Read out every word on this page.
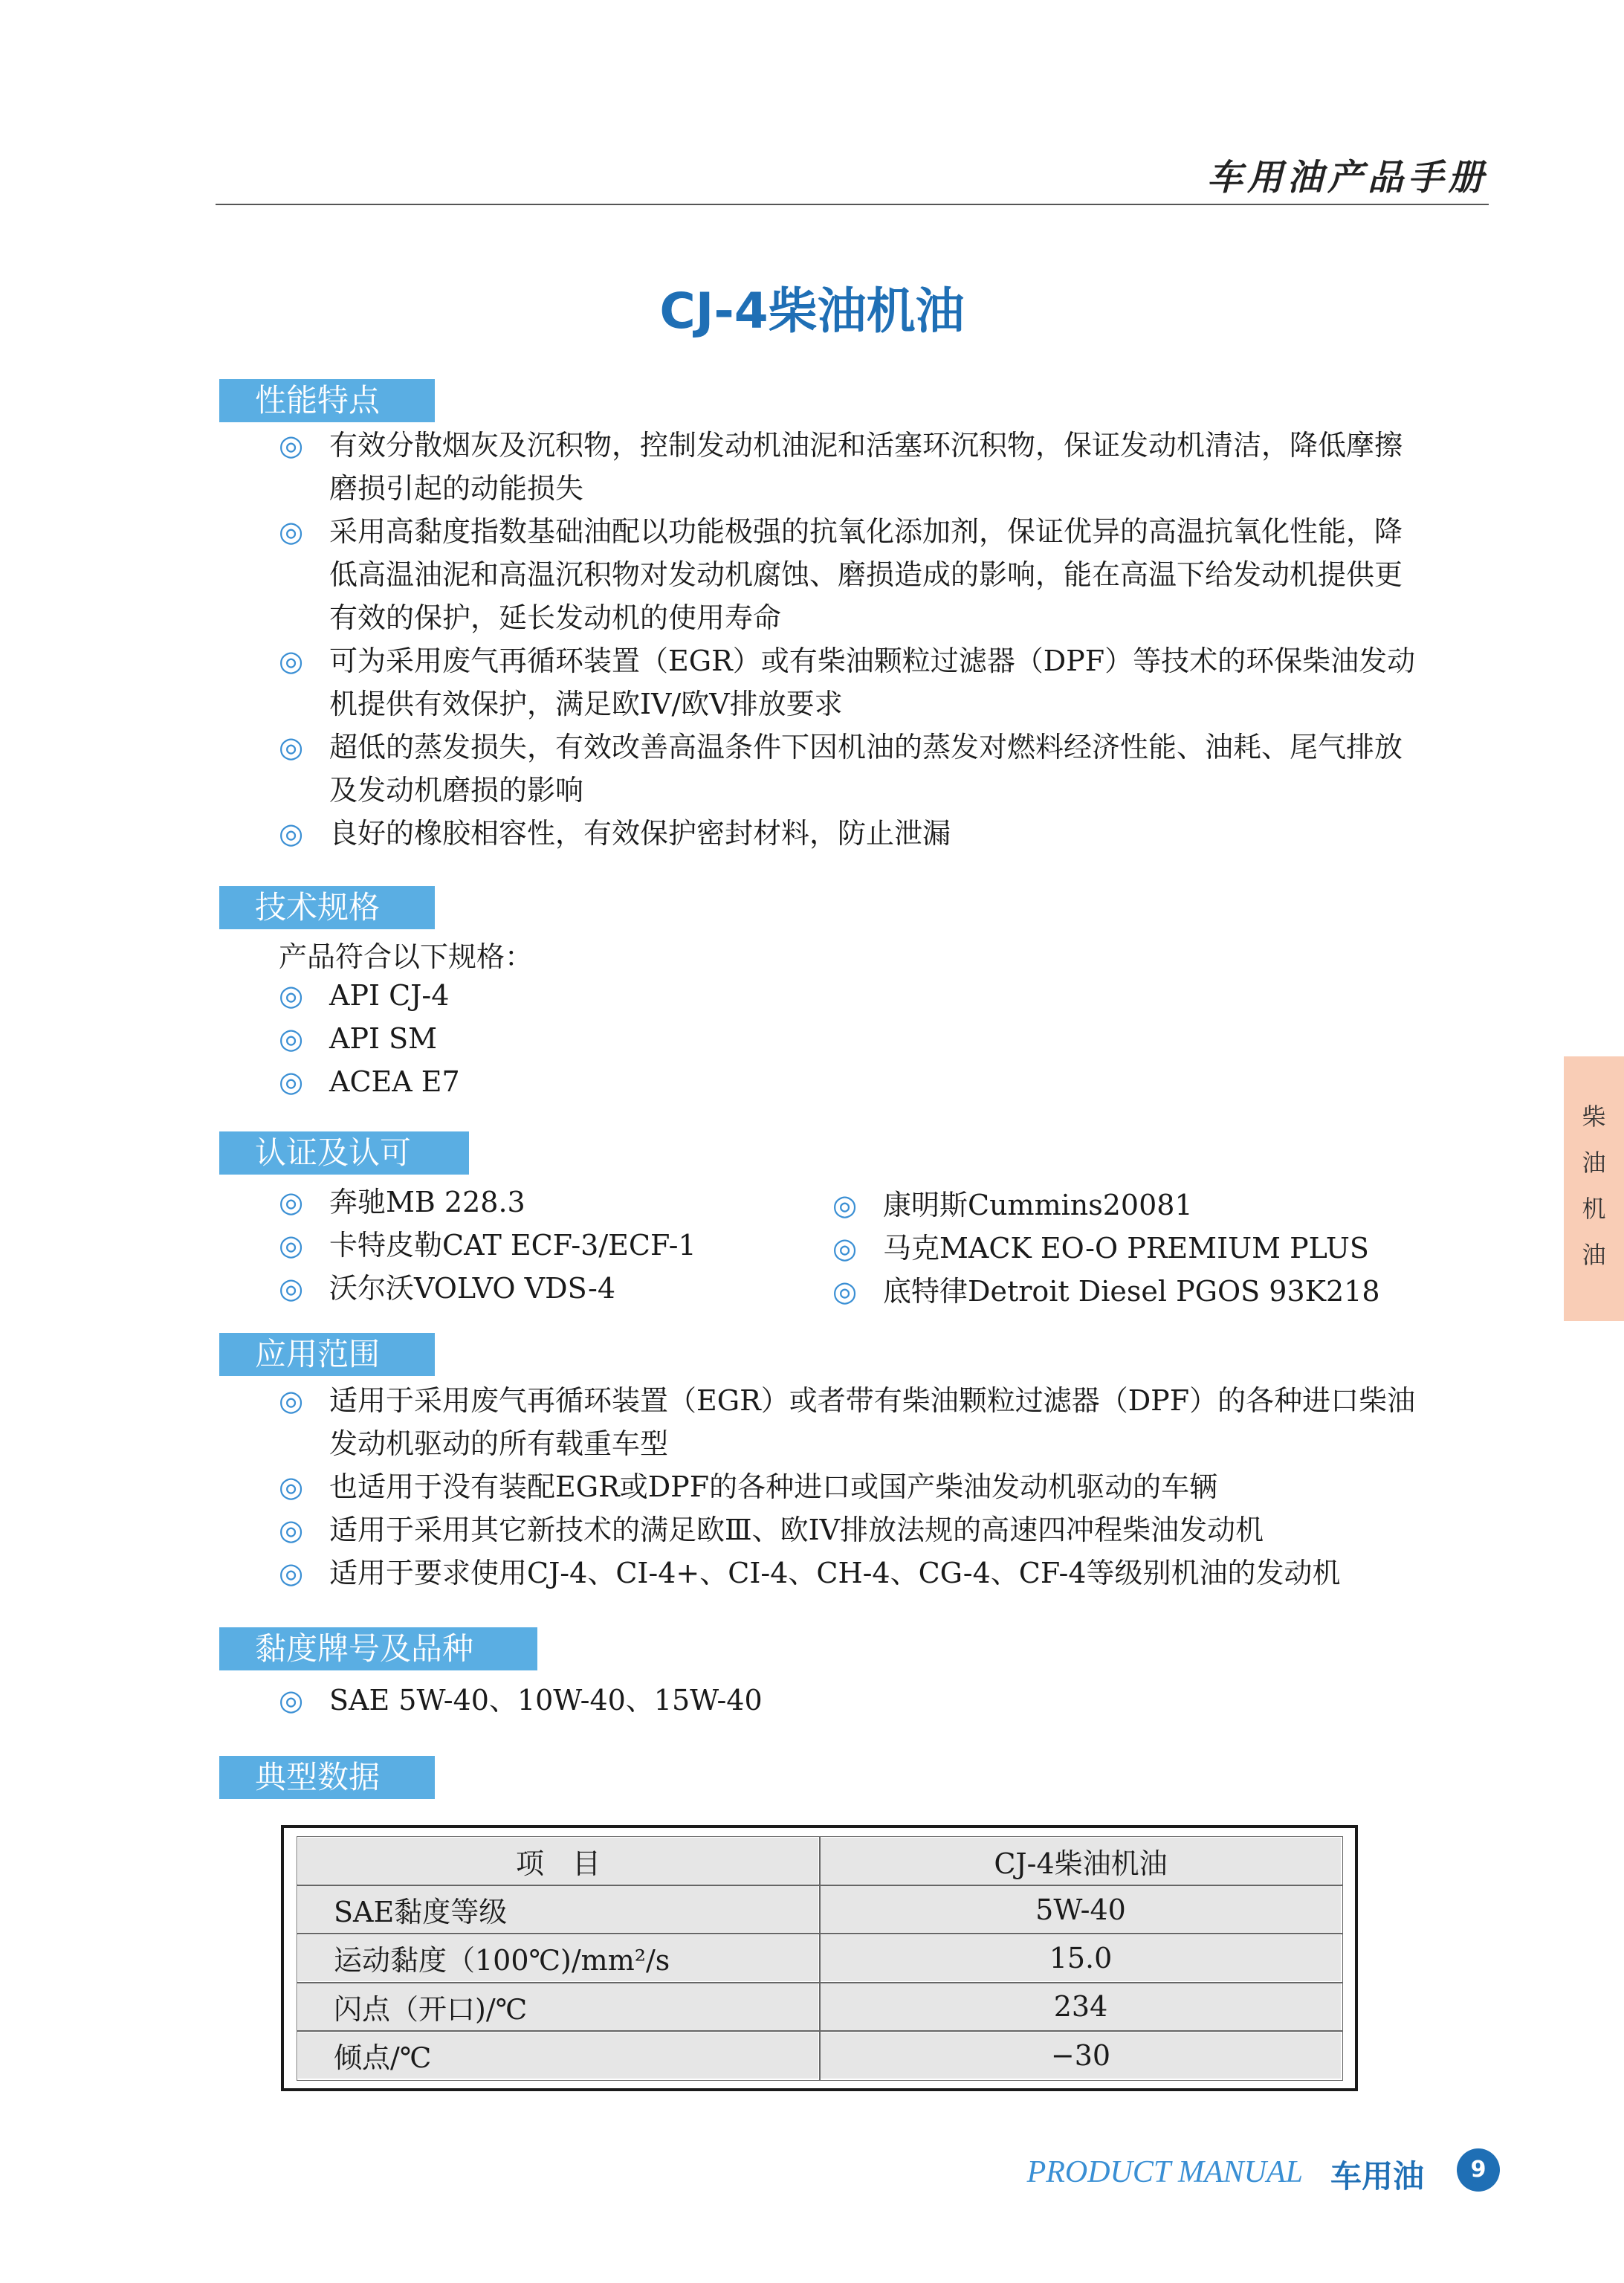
车用油产品手册
CJ-4柴油机油
性能特点
◎ 有效分散烟灰及沉积物，控制发动机油泥和活塞环沉积物，保证发动机清洁，降低摩擦磨损引起的动能损失
◎ 采用高黏度指数基础油配以功能极强的抗氧化添加剂，保证优异的高温抗氧化性能，降低高温油泥和高温沉积物对发动机腐蚀、磨损造成的影响，能在高温下给发动机提供更有效的保护，延长发动机的使用寿命
◎ 可为采用废气再循环装置（EGR）或有柴油颗粒过滤器（DPF）等技术的环保柴油发动机提供有效保护，满足欧IV/欧V排放要求
◎ 超低的蒸发损失，有效改善高温条件下因机油的蒸发对燃料经济性能、油耗、尾气排放及发动机磨损的影响
◎ 良好的橡胶相容性，有效保护密封材料，防止泄漏
技术规格
产品符合以下规格：
◎ API CJ-4
◎ API SM
◎ ACEA E7
认证及认可
◎ 奔驰MB 228.3
◎ 卡特皮勒CAT ECF-3/ECF-1
◎ 沃尔沃VOLVO VDS-4
◎ 康明斯Cummins20081
◎ 马克MACK EO-O PREMIUM PLUS
◎ 底特律Detroit Diesel PGOS 93K218
应用范围
◎ 适用于采用废气再循环装置（EGR）或者带有柴油颗粒过滤器（DPF）的各种进口柴油发动机驱动的所有载重车型
◎ 也适用于没有装配EGR或DPF的各种进口或国产柴油发动机驱动的车辆
◎ 适用于采用其它新技术的满足欧Ⅲ、欧IV排放法规的高速四冲程柴油发动机
◎ 适用于要求使用CJ-4、CI-4+、CI-4、CH-4、CG-4、CF-4等级别机油的发动机
黏度牌号及品种
◎ SAE 5W-40、10W-40、15W-40
典型数据
项　目	CJ-4柴油机油
SAE黏度等级	5W-40
运动黏度（100℃)/mm²/s	15.0
闪点（开口)/℃	234
倾点/℃	−30
柴
油
机
油
PRODUCT MANUAL 车用油	9
